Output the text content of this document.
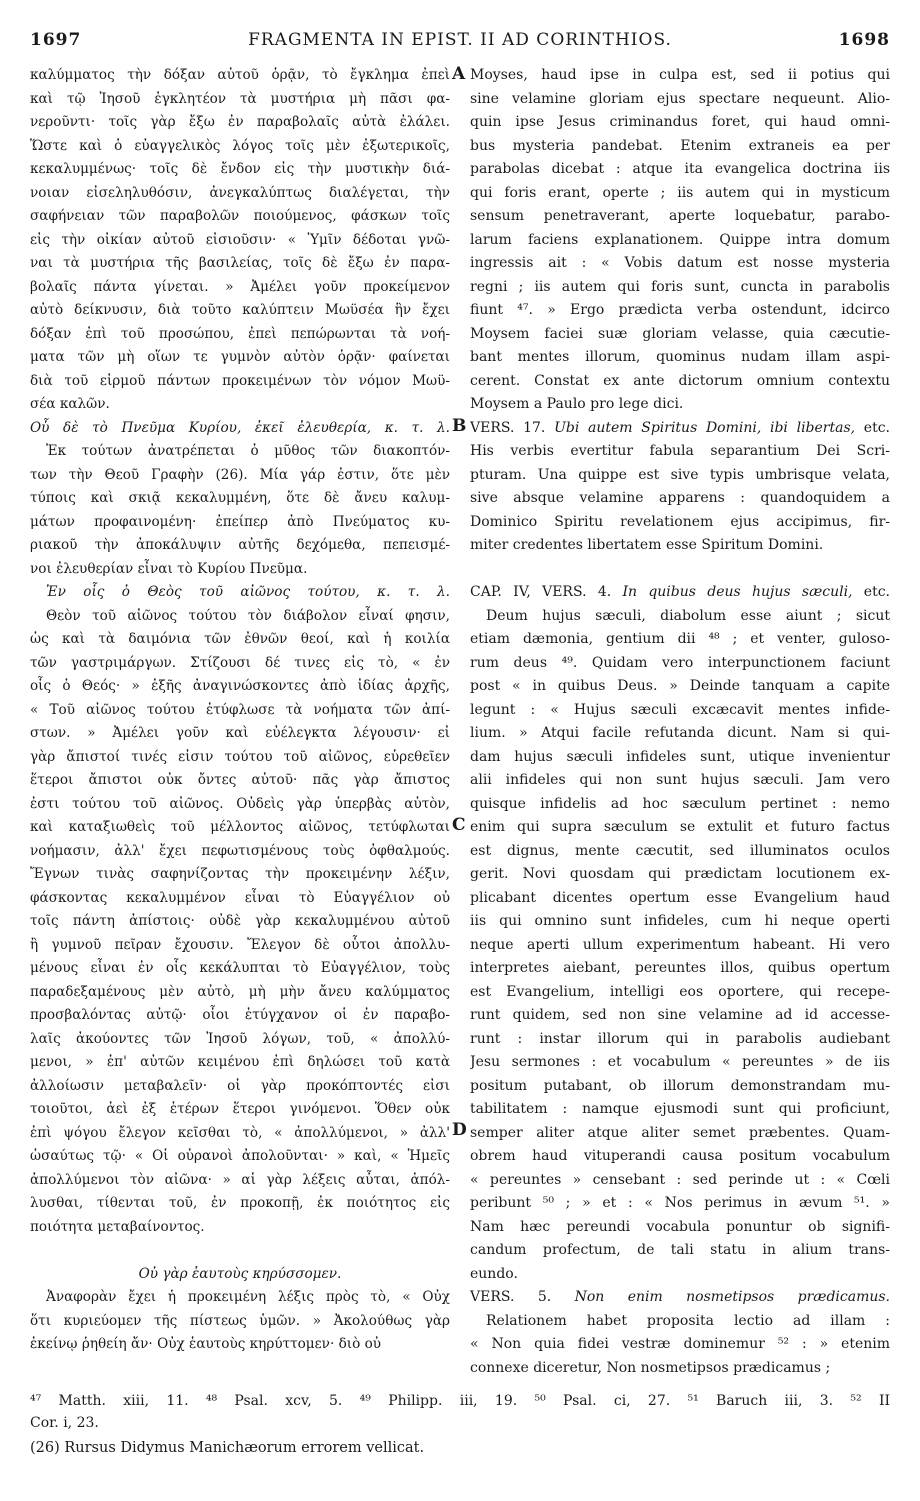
1697	FRAGMENTA IN EPIST. II AD CORINTHIOS.	1698
A
B
C
D
καλύμματος τὴν δόξαν αὐτοῦ ὁρᾷν, τὸ ἔγκλημα ἐπεὶ
καὶ τῷ Ἰησοῦ ἐγκλητέον τὰ μυστήρια μὴ πᾶσι φα-
νεροῦντι· τοῖς γὰρ ἔξω ἐν παραβολαῖς αὐτὰ ἐλάλει.
Ὥστε καὶ ὁ εὐαγγελικὸς λόγος τοῖς μὲν ἐξωτερικοῖς,
κεκαλυμμένως· τοῖς δὲ ἔνδον εἰς τὴν μυστικὴν διά-
νοιαν εἰσεληλυθόσιν, ἀνεγκαλύπτως διαλέγεται, τὴν
σαφήνειαν τῶν παραβολῶν ποιούμενος, φάσκων τοῖς
εἰς τὴν οἰκίαν αὐτοῦ εἰσιοῦσιν· « Ὑμῖν δέδοται γνῶ-
ναι τὰ μυστήρια τῆς βασιλείας, τοῖς δὲ ἔξω ἐν παρα-
βολαῖς πάντα γίνεται. » Ἀμέλει γοῦν προκείμενον
αὐτὸ δείκνυσιν, διὰ τοῦτο καλύπτειν Μωϋσέα ἣν ἔχει
δόξαν ἐπὶ τοῦ προσώπου, ἐπεὶ πεπώρωνται τὰ νοή-
ματα τῶν μὴ οἵων τε γυμνὸν αὐτὸν ὁρᾷν· φαίνεται
διὰ τοῦ εἱρμοῦ πάντων προκειμένων τὸν νόμον Μωϋ-
σέα καλῶν.
Οὗ δὲ τὸ Πνεῦμα Κυρίου, ἐκεῖ ἐλευθερία, κ. τ. λ.
Ἐκ τούτων ἀνατρέπεται ὁ μῦθος τῶν διακοπτόν-
των τὴν Θεοῦ Γραφὴν (26). Μία γάρ ἐστιν, ὅτε μὲν
τύποις καὶ σκιᾷ κεκαλυμμένη, ὅτε δὲ ἄνευ καλυμ-
μάτων προφαινομένη· ἐπείπερ ἀπὸ Πνεύματος κυ-
ριακοῦ τὴν ἀποκάλυψιν αὐτῆς δεχόμεθα, πεπεισμέ-
νοι ἐλευθερίαν εἶναι τὸ Κυρίου Πνεῦμα.
Ἐν οἷς ὁ Θεὸς τοῦ αἰῶνος τούτου, κ. τ. λ.
Θεὸν τοῦ αἰῶνος τούτου τὸν διάβολον εἶναί φησιν,
ὡς καὶ τὰ δαιμόνια τῶν ἐθνῶν θεοί, καὶ ἡ κοιλία
τῶν γαστριμάργων. Στίζουσι δέ τινες εἰς τὸ, « ἐν
οἷς ὁ Θεός· » ἐξῆς ἀναγινώσκοντες ἀπὸ ἰδίας ἀρχῆς,
« Τοῦ αἰῶνος τούτου ἐτύφλωσε τὰ νοήματα τῶν ἀπί-
στων. » Ἀμέλει γοῦν καὶ εὐέλεγκτα λέγουσιν· εἰ
γὰρ ἄπιστοί τινές εἰσιν τούτου τοῦ αἰῶνος, εὑρεθεῖεν
ἕτεροι ἄπιστοι οὐκ ὄντες αὐτοῦ· πᾶς γὰρ ἄπιστος
ἐστι τούτου τοῦ αἰῶνος. Οὐδεὶς γὰρ ὑπερβὰς αὐτὸν,
καὶ καταξιωθεὶς τοῦ μέλλοντος αἰῶνος, τετύφλωται
νοήμασιν, ἀλλ' ἔχει πεφωτισμένους τοὺς ὀφθαλμούς.
Ἔγνων τινὰς σαφηνίζοντας τὴν προκειμένην λέξιν,
φάσκοντας κεκαλυμμένον εἶναι τὸ Εὐαγγέλιον οὐ
τοῖς πάντη ἀπίστοις· οὐδὲ γὰρ κεκαλυμμένου αὐτοῦ
ἢ γυμνοῦ πεῖραν ἔχουσιν. Ἔλεγον δὲ οὗτοι ἀπολλυ-
μένους εἶναι ἐν οἷς κεκάλυπται τὸ Εὐαγγέλιον, τοὺς
παραδεξαμένους μὲν αὐτὸ, μὴ μὴν ἄνευ καλύμματος
προσβαλόντας αὐτῷ· οἷοι ἐτύγχανον οἱ ἐν παραβο-
λαῖς ἀκούοντες τῶν Ἰησοῦ λόγων, τοῦ, « ἀπολλύ-
μενοι, » ἐπ' αὐτῶν κειμένου ἐπὶ δηλώσει τοῦ κατὰ
ἀλλοίωσιν μεταβαλεῖν· οἱ γὰρ προκόπτοντές εἰσι
τοιοῦτοι, ἀεὶ ἐξ ἑτέρων ἕτεροι γινόμενοι. Ὅθεν οὐκ
ἐπὶ ψόγου ἔλεγον κεῖσθαι τὸ, « ἀπολλύμενοι, » ἀλλ'
ὡσαύτως τῷ· « Οἱ οὐρανοὶ ἀπολοῦνται· » καὶ, « Ἡμεῖς
ἀπολλύμενοι τὸν αἰῶνα· » αἱ γὰρ λέξεις αὗται, ἀπόλ-
λυσθαι, τίθενται τοῦ, ἐν προκοπῇ, ἐκ ποιότητος εἰς
ποιότητα μεταβαίνοντος.
Οὐ γὰρ ἑαυτοὺς κηρύσσομεν.
Ἀναφορὰν ἔχει ἡ προκειμένη λέξις πρὸς τὸ, « Οὐχ
ὅτι κυριεύομεν τῆς πίστεως ὑμῶν. » Ἀκολούθως γὰρ
ἐκείνῳ ῥηθείη ἄν· Οὐχ ἑαυτοὺς κηρύττομεν· διὸ οὐ
Moyses, haud ipse in culpa est, sed ii potius qui
sine velamine gloriam ejus spectare nequeunt. Alio-
quin ipse Jesus criminandus foret, qui haud omni-
bus mysteria pandebat. Etenim extraneis ea per
parabolas dicebat : atque ita evangelica doctrina iis
qui foris erant, operte ; iis autem qui in mysticum
sensum penetraverant, aperte loquebatur, parabo-
larum faciens explanationem. Quippe intra domum
ingressis ait : « Vobis datum est nosse mysteria
regni ; iis autem qui foris sunt, cuncta in parabolis
fiunt ⁴⁷. » Ergo prædicta verba ostendunt, idcirco
Moysem faciei suæ gloriam velasse, quia cæcutie-
bant mentes illorum, quominus nudam illam aspi-
cerent. Constat ex ante dictorum omnium contextu
Moysem a Paulo pro lege dici.
VERS. 17. Ubi autem Spiritus Domini, ibi libertas, etc.
His verbis evertitur fabula separantium Dei Scri-
pturam. Una quippe est sive typis umbrisque velata,
sive absque velamine apparens : quandoquidem a
Dominico Spiritu revelationem ejus accipimus, fir-
miter credentes libertatem esse Spiritum Domini.
CAP. IV, VERS. 4. In quibus deus hujus sæculi, etc.
Deum hujus sæculi, diabolum esse aiunt ; sicut
etiam dæmonia, gentium dii ⁴⁸ ; et venter, guloso-
rum deus ⁴⁹. Quidam vero interpunctionem faciunt
post « in quibus Deus. » Deinde tanquam a capite
legunt : « Hujus sæculi excæcavit mentes infide-
lium. » Atqui facile refutanda dicunt. Nam si qui-
dam hujus sæculi infideles sunt, utique invenientur
alii infideles qui non sunt hujus sæculi. Jam vero
quisque infidelis ad hoc sæculum pertinet : nemo
enim qui supra sæculum se extulit et futuro factus
est dignus, mente cæcutit, sed illuminatos oculos
gerit. Novi quosdam qui prædictam locutionem ex-
plicabant dicentes opertum esse Evangelium haud
iis qui omnino sunt infideles, cum hi neque operti
neque aperti ullum experimentum habeant. Hi vero
interpretes aiebant, pereuntes illos, quibus opertum
est Evangelium, intelligi eos oportere, qui recepe-
runt quidem, sed non sine velamine ad id accesse-
runt : instar illorum qui in parabolis audiebant
Jesu sermones : et vocabulum « pereuntes » de iis
positum putabant, ob illorum demonstrandam mu-
tabilitatem : namque ejusmodi sunt qui proficiunt,
semper aliter atque aliter semet præbentes. Quam-
obrem haud vituperandi causa positum vocabulum
« pereuntes » censebant : sed perinde ut : « Cœli
peribunt ⁵⁰ ; » et : « Nos perimus in ævum ⁵¹. »
Nam hæc pereundi vocabula ponuntur ob signifi-
candum profectum, de tali statu in alium trans-
eundo.
VERS. 5. Non enim nosmetipsos prædicamus.
Relationem habet proposita lectio ad illam :
« Non quia fidei vestræ dominemur ⁵² : » etenim
connexe diceretur, Non nosmetipsos prædicamus ;
⁴⁷ Matth. xiii, 11. ⁴⁸ Psal. xcv, 5. ⁴⁹ Philipp. iii, 19. ⁵⁰ Psal. ci, 27. ⁵¹ Baruch iii, 3. ⁵² II
Cor. i, 23.
(26) Rursus Didymus Manichæorum errorem vellicat.
